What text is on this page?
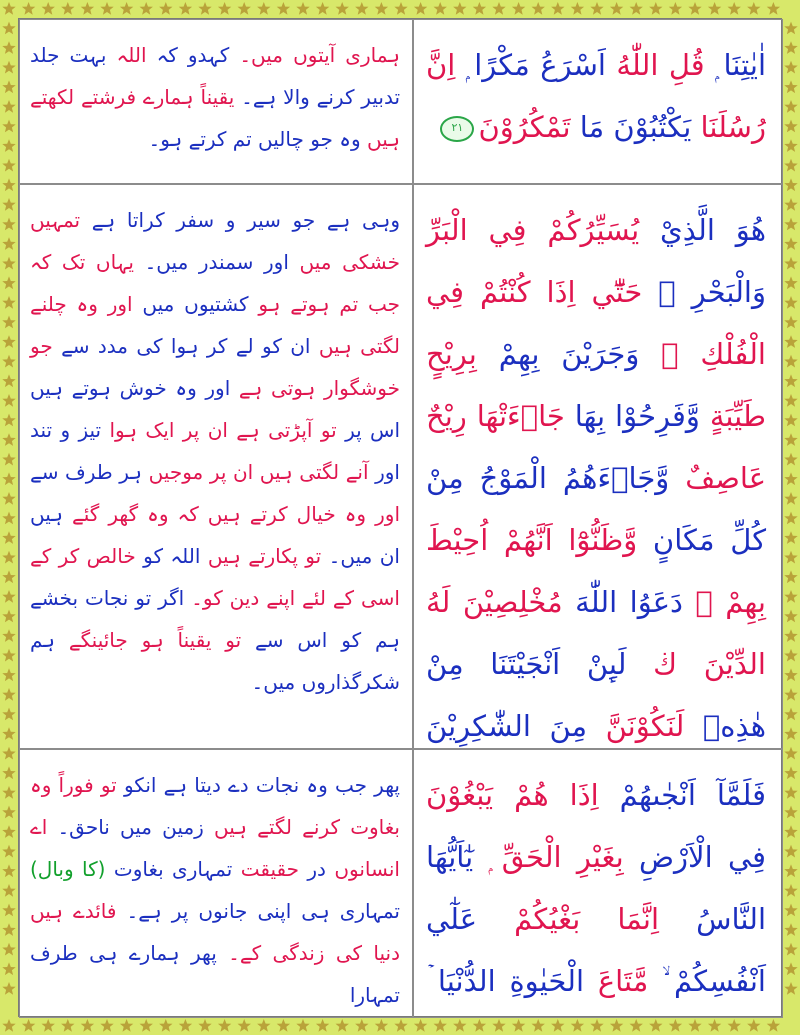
ہماری آیتوں میں۔ کہدو کہ اللہ بہت جلد تدبیر کرنے والا ہے۔ یقیناً ہمارے فرشتے لکھتے ہیں وہ جو چالیں تم کرتے ہو۔
اٰيٰتِنَا ۭ قُلِ اللّٰهُ اَسْرَعُ مَكْرًا ۭ اِنَّ رُسُلَنَا يَكْتُبُوْنَ مَا تَمْكُرُوْنَ٢١
وہی ہے جو سیر و سفر کراتا ہے تمہیں خشکی میں اور سمندر میں۔ یہاں تک کہ جب تم ہوتے ہو کشتیوں میں اور وہ چلنے لگتی ہیں ان کو لے کر ہوا کی مدد سے جو خوشگوار ہوتی ہے اور وہ خوش ہوتے ہیں اس پر تو آپڑتی ہے ان پر ایک ہوا تیز و تند اور آنے لگتی ہیں ان پر موجیں ہر طرف سے اور وہ خیال کرتے ہیں کہ وہ گھر گئے ہیں ان میں۔ تو پکارتے ہیں اللہ کو خالص کر کے اسی کے لئے اپنے دین کو۔ اگر تو نجات بخشے ہم کو اس سے تو یقیناً ہو جائینگے ہم شکرگذاروں میں۔
هُوَ الَّذِيْ يُسَيِّرُكُمْ فِي الْبَرِّ وَالْبَحْرِ ۭ حَتّٰٓي اِذَا كُنْتُمْ فِي الْفُلْكِ ۚ وَجَرَيْنَ بِهِمْ بِرِيْحٍ طَيِّبَةٍ وَّفَرِحُوْا بِهَا جَاۗءَتْهَا رِيْحٌ عَاصِفٌ وَّجَاۗءَهُمُ الْمَوْجُ مِنْ كُلِّ مَكَانٍ وَّظَنُّوْٓا اَنَّھُمْ اُحِيْطَ بِهِمْ ۙ دَعَوُا اللّٰهَ مُخْلِصِيْنَ لَهُ الدِّيْنَ ڬ لَىِٕنْ اَنْجَيْتَنَا مِنْ هٰذِهٖ لَنَكُوْنَنَّ مِنَ الشّٰكِرِيْنَ
پھر جب وہ نجات دے دیتا ہے انکو تو فوراً وہ بغاوت کرنے لگتے ہیں زمین میں ناحق۔ اے انسانوں در حقیقت تمہاری بغاوت (کا وبال) تمہاری ہی اپنی جانوں پر ہے۔ فائدے ہیں دنیا کی زندگی کے۔ پھر ہمارے ہی طرف تمہارا
فَلَمَّآ اَنْجٰىھُمْ اِذَا ھُمْ يَبْغُوْنَ فِي الْاَرْضِ بِغَيْرِ الْحَقِّ ۭ يٰٓاَيُّھَا النَّاسُ اِنَّمَا بَغْيُكُمْ عَلٰٓي اَنْفُسِكُمْ ۙ مَّتَاعَ الْحَيٰوةِ الدُّنْيَا ۡ
